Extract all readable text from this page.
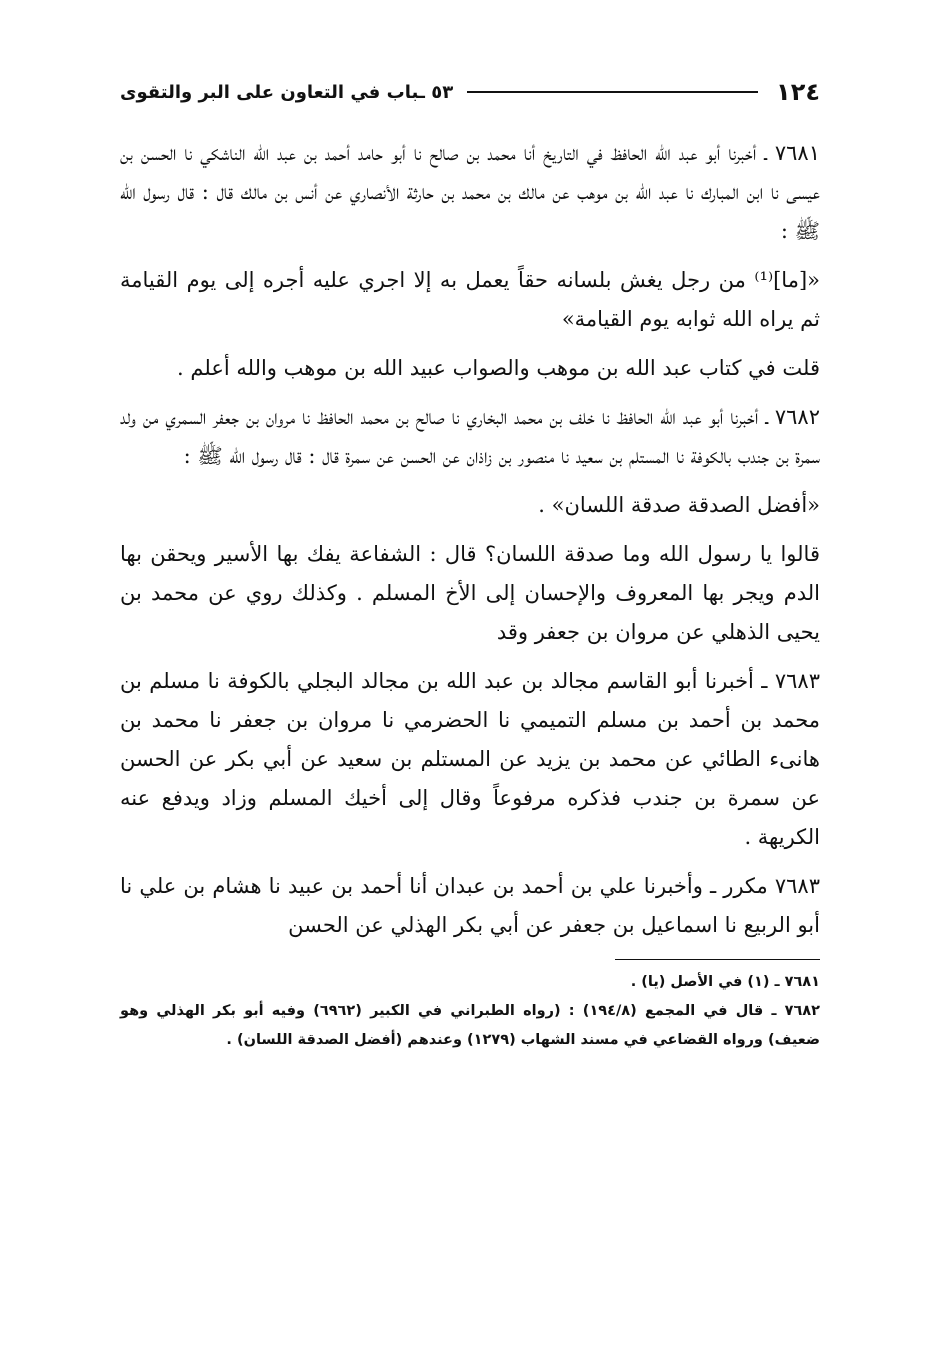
١٢٤
٥٣ ـباب في التعاون على البر والتقوى

٧٦٨١ ـ أخبرنا أبو عبد الله الحافظ في التاريخ أنا محمد بن صالح نا أبو حامد أحمد بن عبد الله الناشكي نا الحسن بن عيسى نا ابن المبارك نا عبد الله بن موهب عن مالك بن محمد بن حارثة الأنصاري عن أنس بن مالك قال : قال رسول الله ﷺ :

«[ما]⁽¹⁾ من رجل يغش بلسانه حقاً يعمل به إلا اجري عليه أجره إلى يوم القيامة ثم يراه الله ثوابه يوم القيامة»

قلت في كتاب عبد الله بن موهب والصواب عبيد الله بن موهب والله أعلم .

٧٦٨٢ ـ أخبرنا أبو عبد الله الحافظ نا خلف بن محمد البخاري نا صالح بن محمد الحافظ نا مروان بن جعفر السمري من ولد سمرة بن جندب بالكوفة نا المستلم بن سعيد نا منصور بن زاذان عن الحسن عن سمرة قال : قال رسول الله ﷺ :

«أفضل الصدقة صدقة اللسان» .

قالوا يا رسول الله وما صدقة اللسان؟ قال : الشفاعة يفك بها الأسير ويحقن بها الدم ويجر بها المعروف والإحسان إلى الأخ المسلم . وكذلك روي عن محمد بن يحيى الذهلي عن مروان بن جعفر وقد

٧٦٨٣ ـ أخبرنا أبو القاسم مجالد بن عبد الله بن مجالد البجلي بالكوفة نا مسلم بن محمد بن أحمد بن مسلم التميمي نا الحضرمي نا مروان بن جعفر نا محمد بن هانىء الطائي عن محمد بن يزيد عن المستلم بن سعيد عن أبي بكر عن الحسن عن سمرة بن جندب فذكره مرفوعاً وقال إلى أخيك المسلم وزاد ويدفع عنه الكريهة .

٧٦٨٣ مكرر ـ وأخبرنا علي بن أحمد بن عبدان أنا أحمد بن عبيد نا هشام بن علي نا أبو الربيع نا اسماعيل بن جعفر عن أبي بكر الهذلي عن الحسن

٧٦٨١ ـ (١) في الأصل (يا) .

٧٦٨٢ ـ قال في المجمع (١٩٤/٨) : (رواه الطبراني في الكبير (٦٩٦٢) وفيه أبو بكر الهذلي وهو ضعيف) ورواه القضاعي في مسند الشهاب (١٢٧٩) وعندهم (أفضل الصدقة اللسان) .
